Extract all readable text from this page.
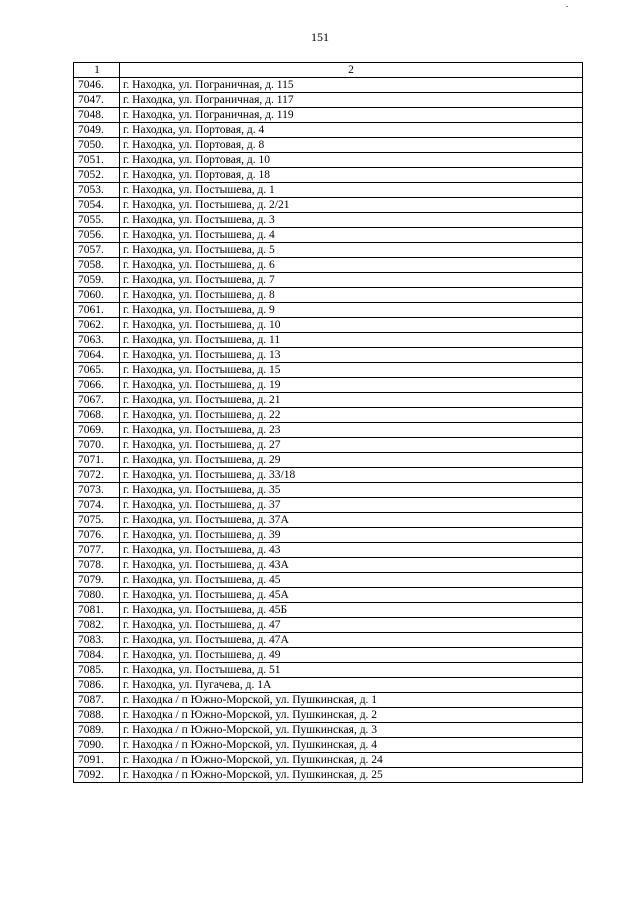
151
1	2
7046.	г. Находка, ул. Пограничная, д. 115
7047.	г. Находка, ул. Пограничная, д. 117
7048.	г. Находка, ул. Пограничная, д. 119
7049.	г. Находка, ул. Портовая, д. 4
7050.	г. Находка, ул. Портовая, д. 8
7051.	г. Находка, ул. Портовая, д. 10
7052.	г. Находка, ул. Портовая, д. 18
7053.	г. Находка, ул. Постышева, д. 1
7054.	г. Находка, ул. Постышева, д. 2/21
7055.	г. Находка, ул. Постышева, д. 3
7056.	г. Находка, ул. Постышева, д. 4
7057.	г. Находка, ул. Постышева, д. 5
7058.	г. Находка, ул. Постышева, д. 6
7059.	г. Находка, ул. Постышева, д. 7
7060.	г. Находка, ул. Постышева, д. 8
7061.	г. Находка, ул. Постышева, д. 9
7062.	г. Находка, ул. Постышева, д. 10
7063.	г. Находка, ул. Постышева, д. 11
7064.	г. Находка, ул. Постышева, д. 13
7065.	г. Находка, ул. Постышева, д. 15
7066.	г. Находка, ул. Постышева, д. 19
7067.	г. Находка, ул. Постышева, д. 21
7068.	г. Находка, ул. Постышева, д. 22
7069.	г. Находка, ул. Постышева, д. 23
7070.	г. Находка, ул. Постышева, д. 27
7071.	г. Находка, ул. Постышева, д. 29
7072.	г. Находка, ул. Постышева, д. 33/18
7073.	г. Находка, ул. Постышева, д. 35
7074.	г. Находка, ул. Постышева, д. 37
7075.	г. Находка, ул. Постышева, д. 37А
7076.	г. Находка, ул. Постышева, д. 39
7077.	г. Находка, ул. Постышева, д. 43
7078.	г. Находка, ул. Постышева, д. 43А
7079.	г. Находка, ул. Постышева, д. 45
7080.	г. Находка, ул. Постышева, д. 45А
7081.	г. Находка, ул. Постышева, д. 45Б
7082.	г. Находка, ул. Постышева, д. 47
7083.	г. Находка, ул. Постышева, д. 47А
7084.	г. Находка, ул. Постышева, д. 49
7085.	г. Находка, ул. Постышева, д. 51
7086.	г. Находка, ул. Пугачева, д. 1А
7087.	г. Находка / п Южно-Морской, ул. Пушкинская, д. 1
7088.	г. Находка / п Южно-Морской, ул. Пушкинская, д. 2
7089.	г. Находка / п Южно-Морской, ул. Пушкинская, д. 3
7090.	г. Находка / п Южно-Морской, ул. Пушкинская, д. 4
7091.	г. Находка / п Южно-Морской, ул. Пушкинская, д. 24
7092.	г. Находка / п Южно-Морской, ул. Пушкинская, д. 25
